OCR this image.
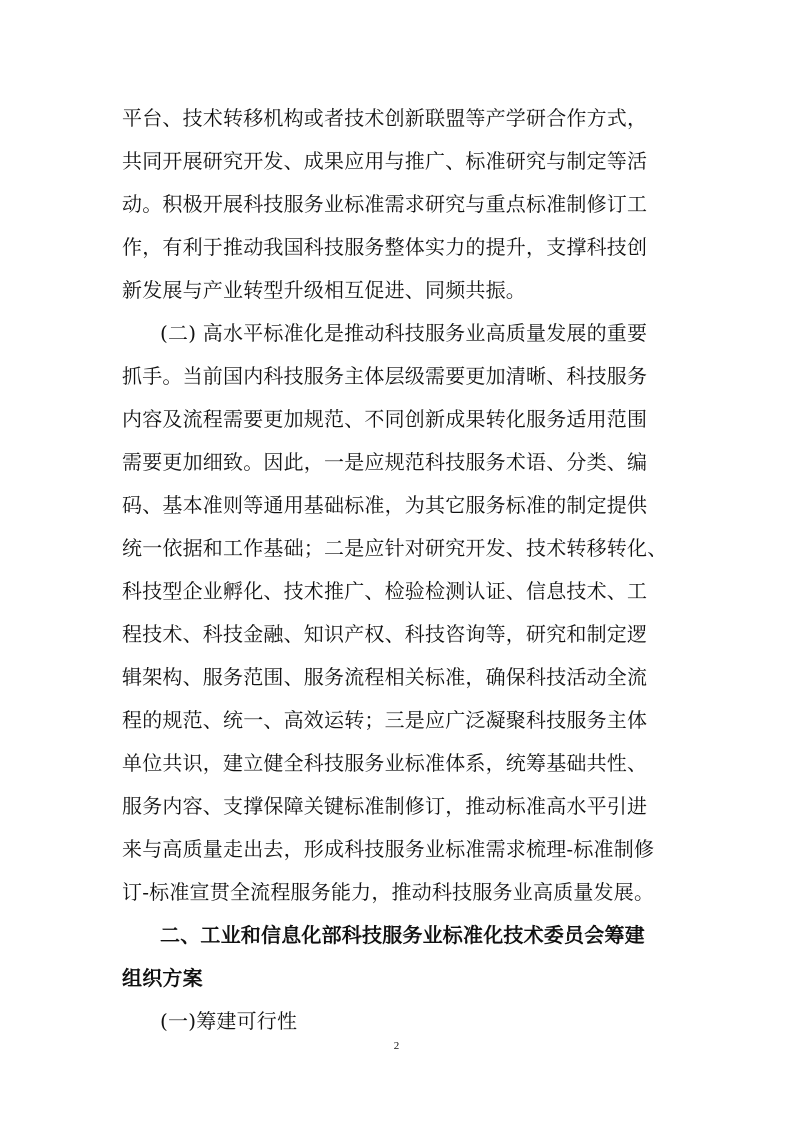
平台、技术转移机构或者技术创新联盟等产学研合作方式，
共同开展研究开发、成果应用与推广、标准研究与制定等活
动。积极开展科技服务业标准需求研究与重点标准制修订工
作，有利于推动我国科技服务整体实力的提升，支撑科技创
新发展与产业转型升级相互促进、同频共振。
(二) 高水平标准化是推动科技服务业高质量发展的重要
抓手。当前国内科技服务主体层级需要更加清晰、科技服务
内容及流程需要更加规范、不同创新成果转化服务适用范围
需要更加细致。因此，一是应规范科技服务术语、分类、编
码、基本准则等通用基础标准，为其它服务标准的制定提供
统一依据和工作基础；二是应针对研究开发、技术转移转化、
科技型企业孵化、技术推广、检验检测认证、信息技术、工
程技术、科技金融、知识产权、科技咨询等，研究和制定逻
辑架构、服务范围、服务流程相关标准，确保科技活动全流
程的规范、统一、高效运转；三是应广泛凝聚科技服务主体
单位共识，建立健全科技服务业标准体系，统筹基础共性、
服务内容、支撑保障关键标准制修订，推动标准高水平引进
来与高质量走出去，形成科技服务业标准需求梳理-标准制修
订-标准宣贯全流程服务能力，推动科技服务业高质量发展。
二、工业和信息化部科技服务业标准化技术委员会筹建
组织方案
(一)筹建可行性
2
